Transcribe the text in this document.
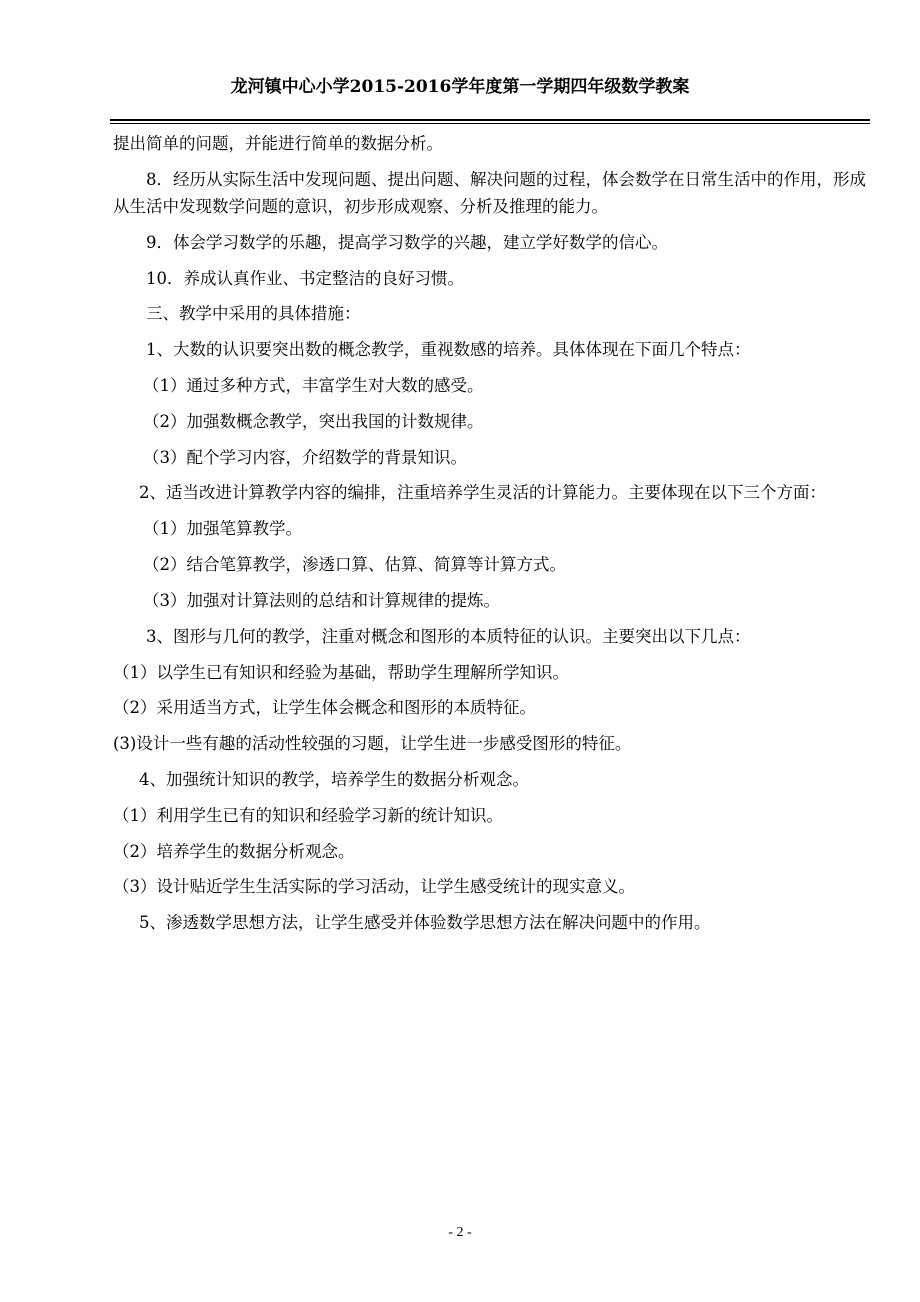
龙河镇中心小学2015-2016学年度第一学期四年级数学教案

提出简单的问题，并能进行简单的数据分析。

8．经历从实际生活中发现问题、提出问题、解决问题的过程，体会数学在日常生活中的作用，形成从生活中发现数学问题的意识，初步形成观察、分析及推理的能力。

9．体会学习数学的乐趣，提高学习数学的兴趣，建立学好数学的信心。

10．养成认真作业、书定整洁的良好习惯。

三、教学中采用的具体措施：

1、大数的认识要突出数的概念教学，重视数感的培养。具体体现在下面几个特点：

（1）通过多种方式，丰富学生对大数的感受。

（2）加强数概念教学，突出我国的计数规律。

（3）配个学习内容，介绍数学的背景知识。

2、适当改进计算教学内容的编排，注重培养学生灵活的计算能力。主要体现在以下三个方面：

（1）加强笔算教学。

（2）结合笔算教学，渗透口算、估算、简算等计算方式。

（3）加强对计算法则的总结和计算规律的提炼。

3、图形与几何的教学，注重对概念和图形的本质特征的认识。主要突出以下几点：

（1）以学生已有知识和经验为基础，帮助学生理解所学知识。

（2）采用适当方式，让学生体会概念和图形的本质特征。

(3)设计一些有趣的活动性较强的习题，让学生进一步感受图形的特征。

4、加强统计知识的教学，培养学生的数据分析观念。

（1）利用学生已有的知识和经验学习新的统计知识。

（2）培养学生的数据分析观念。

（3）设计贴近学生生活实际的学习活动，让学生感受统计的现实意义。

5、渗透数学思想方法，让学生感受并体验数学思想方法在解决问题中的作用。

- 2 -
